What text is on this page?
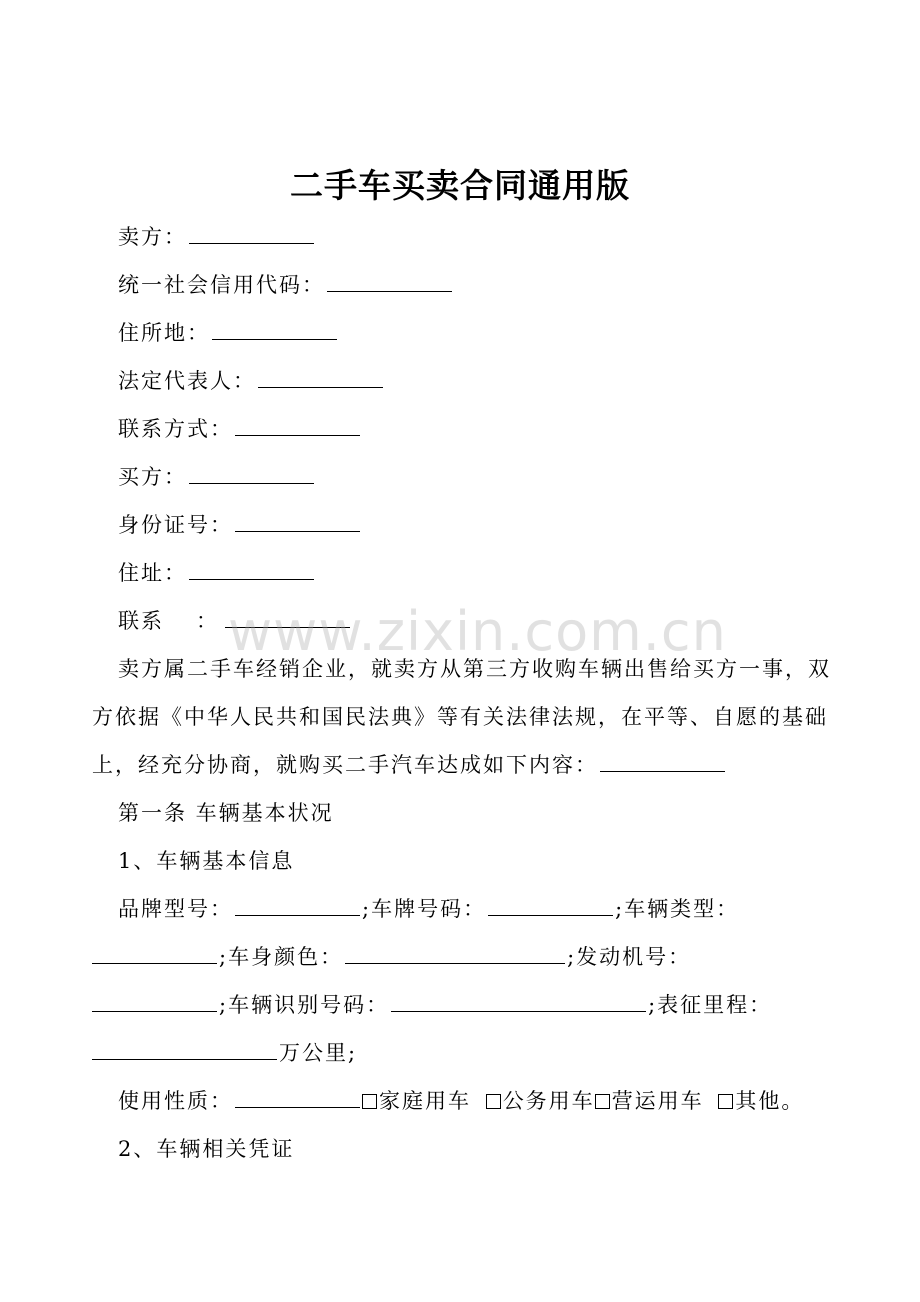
二手车买卖合同通用版
卖方：
统一社会信用代码：
住所地：
法定代表人：
联系方式：
买方：
身份证号：
住址：
联系 ：
卖方属二手车经销企业，就卖方从第三方收购车辆出售给买方一事，双
方依据《中华人民共和国民法典》等有关法律法规，在平等、自愿的基础
上，经充分协商，就购买二手汽车达成如下内容：
第一条 车辆基本状况
1、车辆基本信息
品牌型号：	;车牌号码：	;车辆类型：
;车身颜色：	;发动机号：
;车辆识别号码：	;表征里程：
万公里;
使用性质：	家庭用车 公务用车 营运用车 其他。
2、车辆相关凭证
www.zixin.com.cn
